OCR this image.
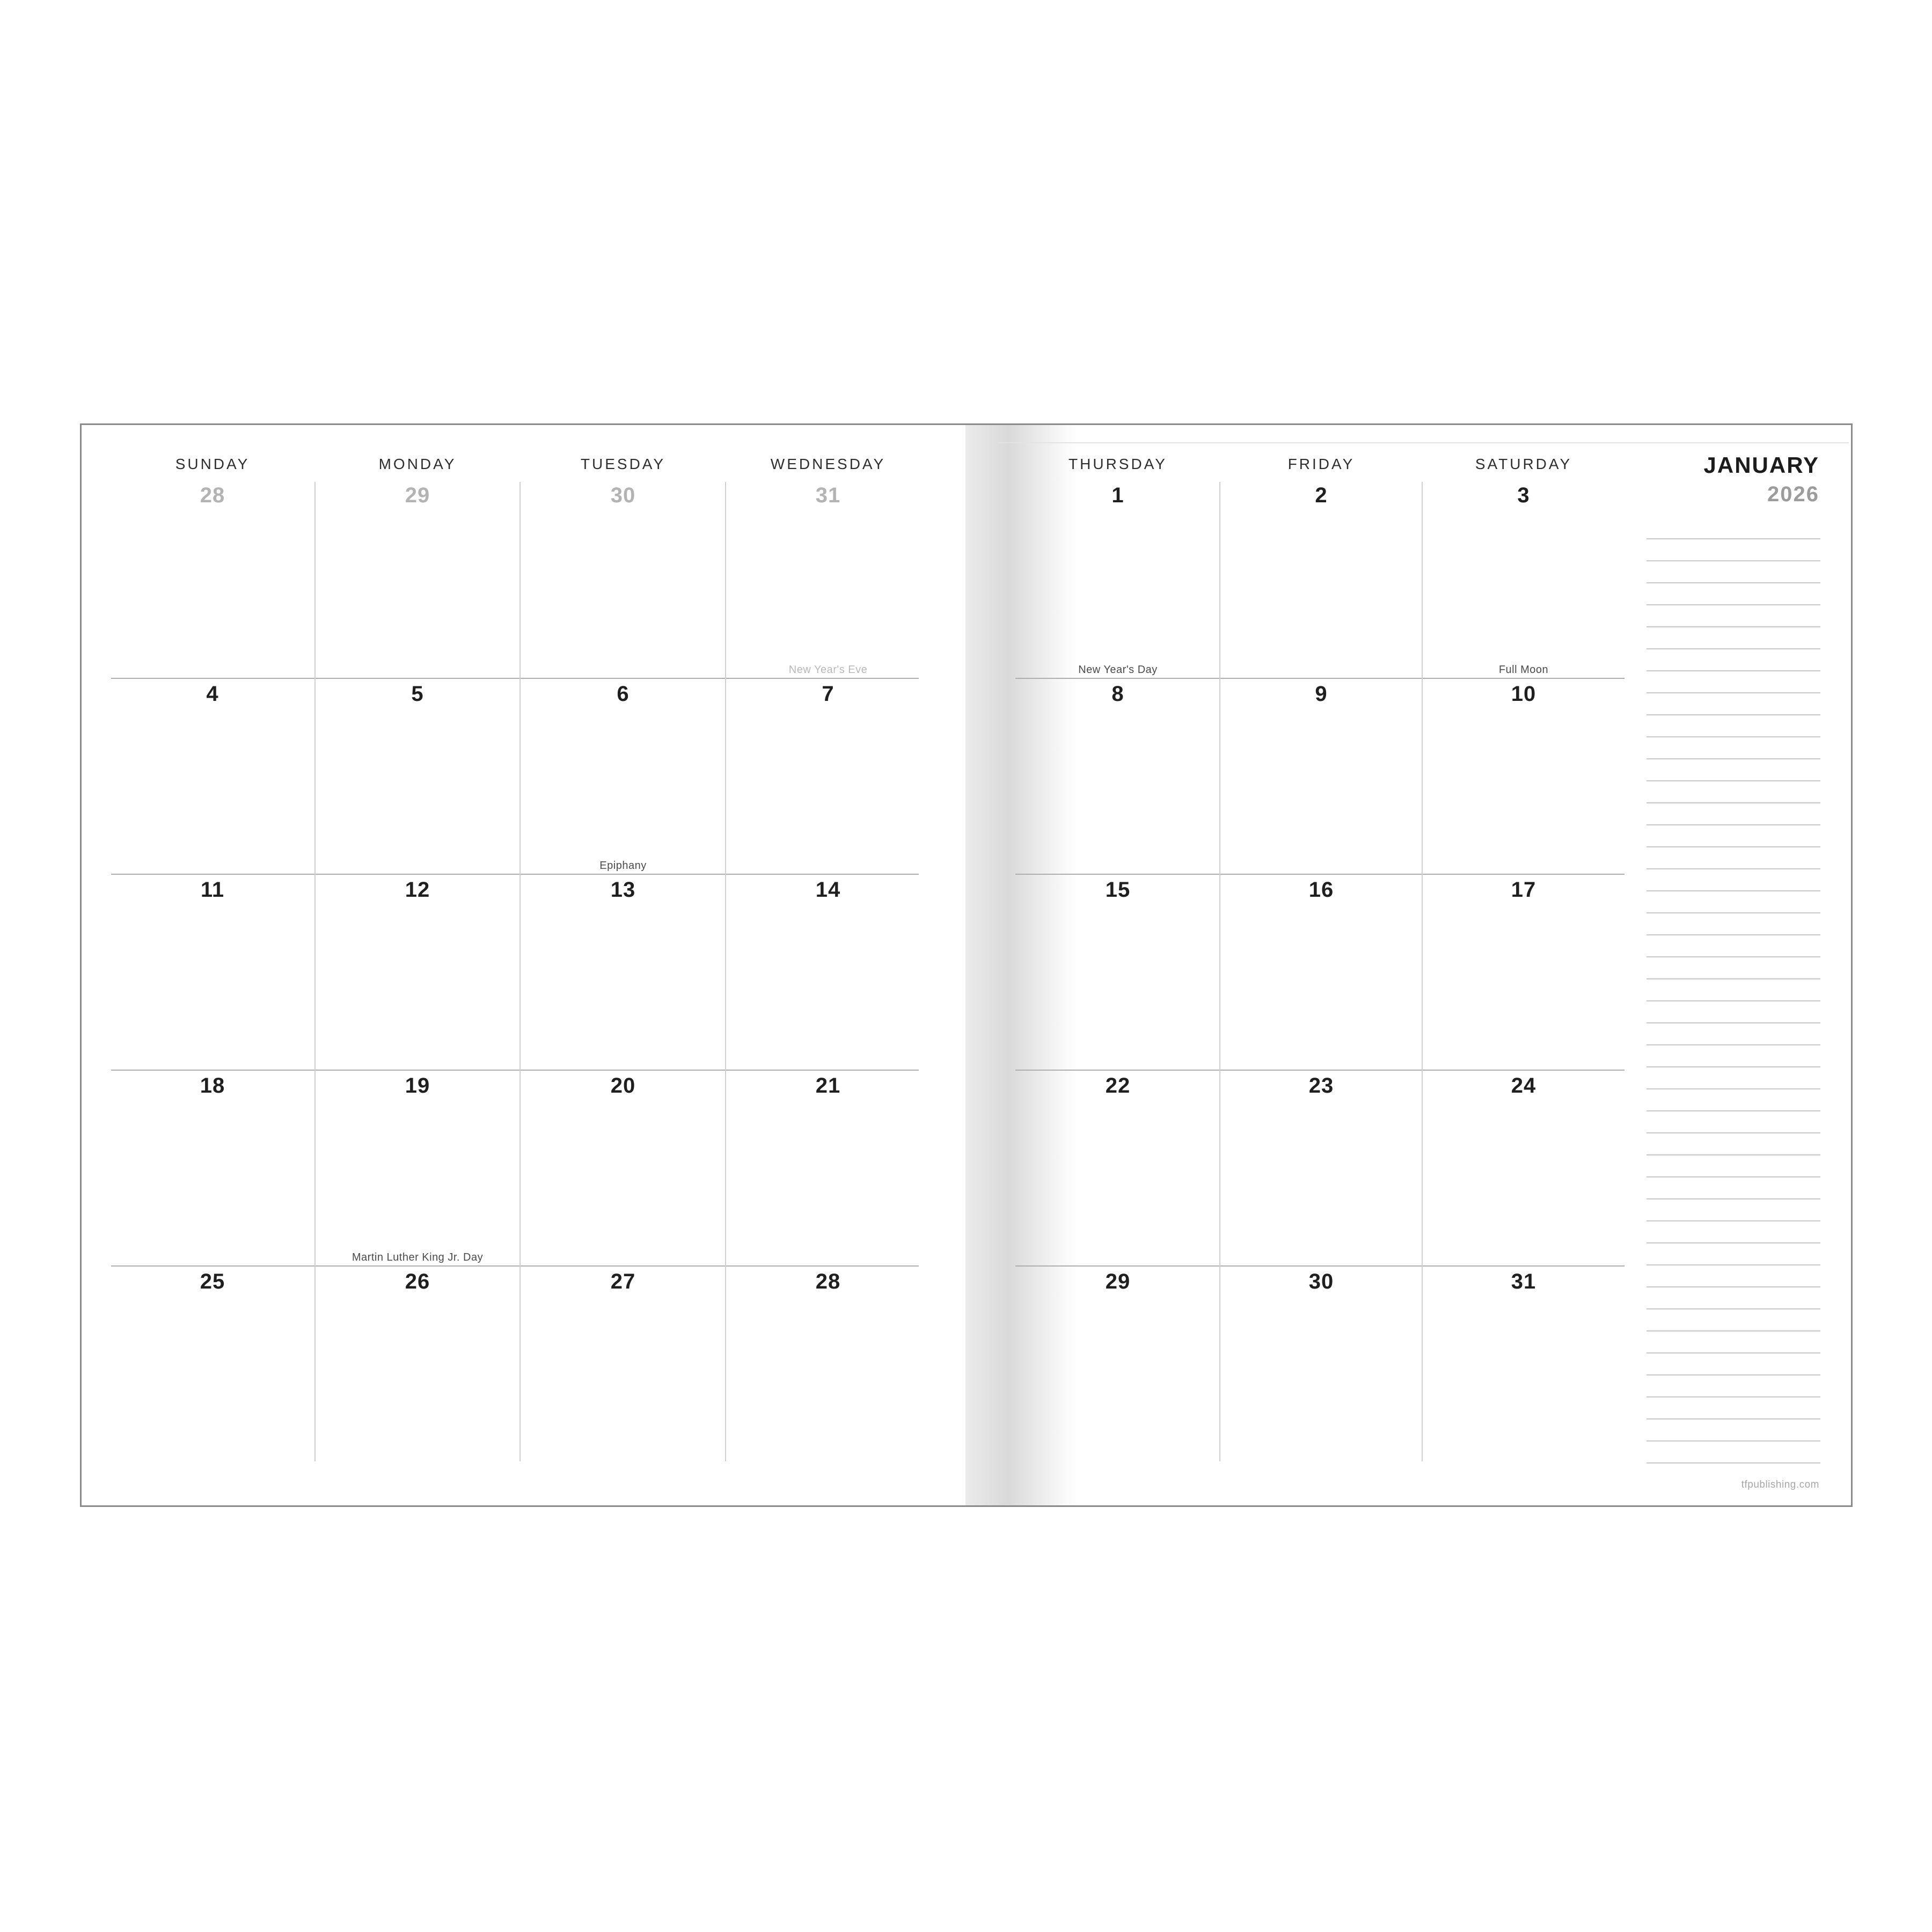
SUNDAY	MONDAY	TUESDAY	WEDNESDAY	THURSDAY	FRIDAY	SATURDAY	JANUARY
2026
28	29	30	31	1	2	3
4	5	6	7	8	9	10
11	12	13	14	15	16	17
18	19	20	21	22	23	24
25	26	27	28	29	30	31
New Year's Eve	New Year's Day	Full Moon
Epiphany
Martin Luther King Jr. Day
tfpublishing.com
